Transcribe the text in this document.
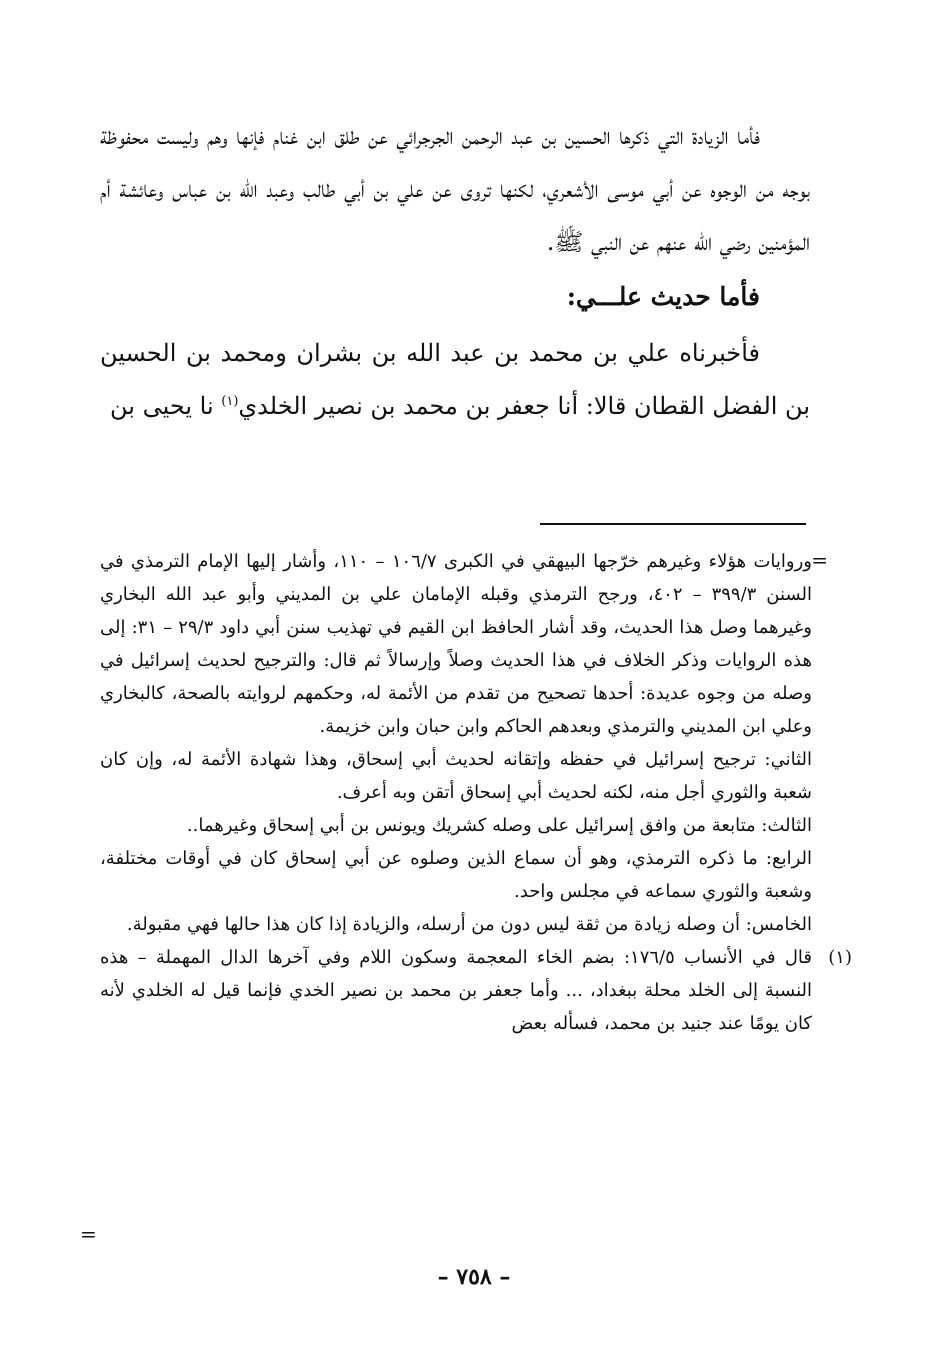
فأما الزيادة التي ذكرها الحسين بن عبد الرحمن الجرجرائي عن طلق ابن غنام فإنها وهم وليست محفوظة بوجه من الوجوه عن أبي موسى الأشعري، لكنها تروى عن علي بن أبي طالب وعبد الله بن عباس وعائشة أم المؤمنين رضي الله عنهم عن النبي ﷺ.

فأما حديث علـــي:

فأخبرناه علي بن محمد بن عبد الله بن بشران ومحمد بن الحسين بن الفضل القطان قالا: أنا جعفر بن محمد بن نصير الخلدي$^{(١)}$ نا يحيى بن

=

وروايات هؤلاء وغيرهم خرّجها البيهقي في الكبرى ١٠٦/٧ – ١١٠، وأشار إليها الإمام الترمذي في السنن ٣٩٩/٣ – ٤٠٢، ورجح الترمذي وقبله الإمامان علي بن المديني وأبو عبد الله البخاري وغيرهما وصل هذا الحديث، وقد أشار الحافظ ابن القيم في تهذيب سنن أبي داود ٢٩/٣ – ٣١: إلى هذه الروايات وذكر الخلاف في هذا الحديث وصلاً وإرسالاً ثم قال: والترجيح لحديث إسرائيل في وصله من وجوه عديدة: أحدها تصحيح من تقدم من الأئمة له، وحكمهم لروايته بالصحة، كالبخاري وعلي ابن المديني والترمذي وبعدهم الحاكم وابن حبان وابن خزيمة.

الثاني: ترجيح إسرائيل في حفظه وإتقانه لحديث أبي إسحاق، وهذا شهادة الأئمة له، وإن كان شعبة والثوري أجل منه، لكنه لحديث أبي إسحاق أتقن وبه أعرف.

الثالث: متابعة من وافق إسرائيل على وصله كشريك ويونس بن أبي إسحاق وغيرهما..

الرابع: ما ذكره الترمذي، وهو أن سماع الذين وصلوه عن أبي إسحاق كان في أوقات مختلفة، وشعبة والثوري سماعه في مجلس واحد.

الخامس: أن وصله زيادة من ثقة ليس دون من أرسله، والزيادة إذا كان هذا حالها فهي مقبولة.

(١)
قال في الأنساب ١٧٦/٥: بضم الخاء المعجمة وسكون اللام وفي آخرها الدال المهملة – هذه النسبة إلى الخلد محلة ببغداد، ... وأما جعفر بن محمد بن نصير الخدي فإنما قيل له الخلدي لأنه كان يومًا عند جنيد بن محمد، فسأله بعض

=
– ٧٥٨ –
